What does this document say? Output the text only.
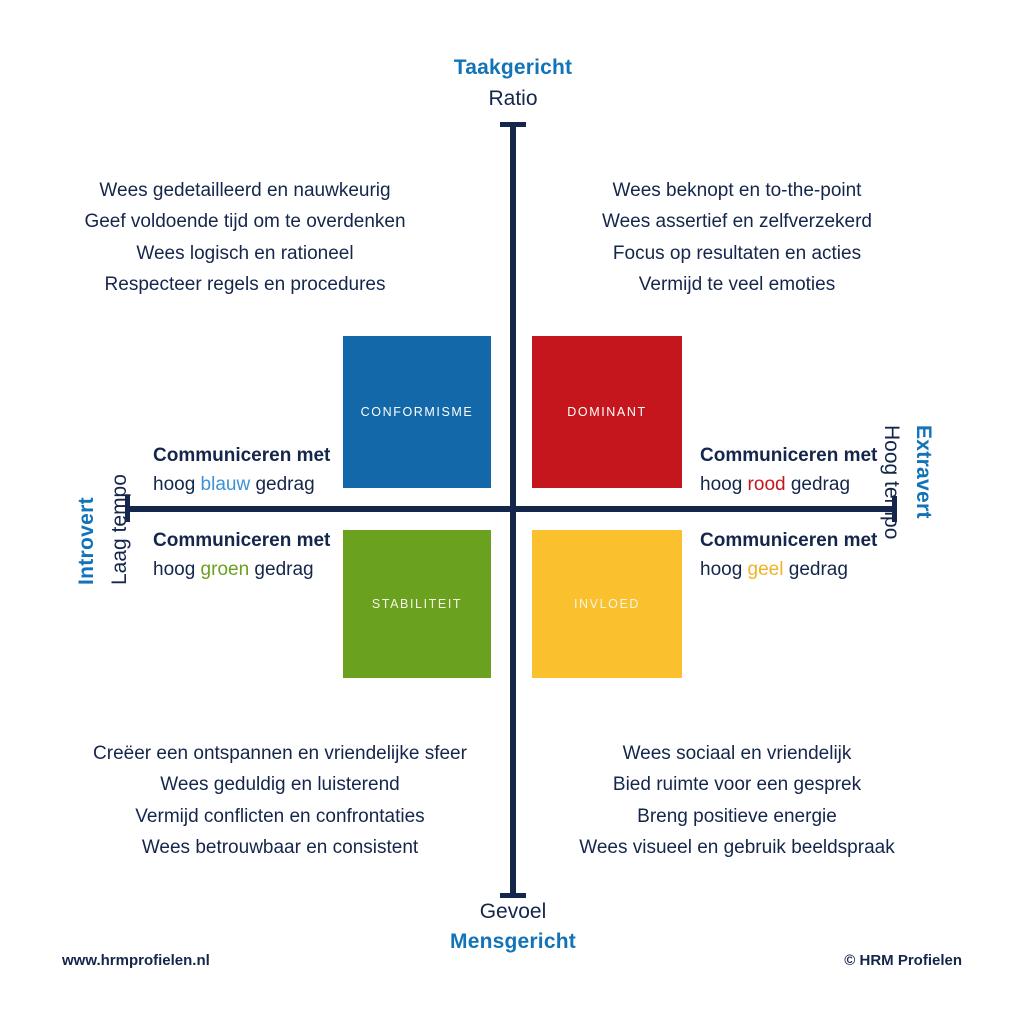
Taakgericht
Ratio
Gevoel
Mensgericht
Introvert Laag tempo
Extravert
Hoog tempo
CONFORMISME	DOMINANT
STABILITEIT	INVLOED
Communiceren met
hoog blauw gedrag
Communiceren met
hoog rood gedrag
Communiceren met
hoog groen gedrag
Communiceren met
hoog geel gedrag
Wees gedetailleerd en nauwkeurig
Geef voldoende tijd om te overdenken
Wees logisch en rationeel
Respecteer regels en procedures
Wees beknopt en to-the-point
Wees assertief en zelfverzekerd
Focus op resultaten en acties
Vermijd te veel emoties
Creëer een ontspannen en vriendelijke sfeer
Wees geduldig en luisterend
Vermijd conflicten en confrontaties
Wees betrouwbaar en consistent
Wees sociaal en vriendelijk
Bied ruimte voor een gesprek
Breng positieve energie
Wees visueel en gebruik beeldspraak
www.hrmprofielen.nl	© HRM Profielen
